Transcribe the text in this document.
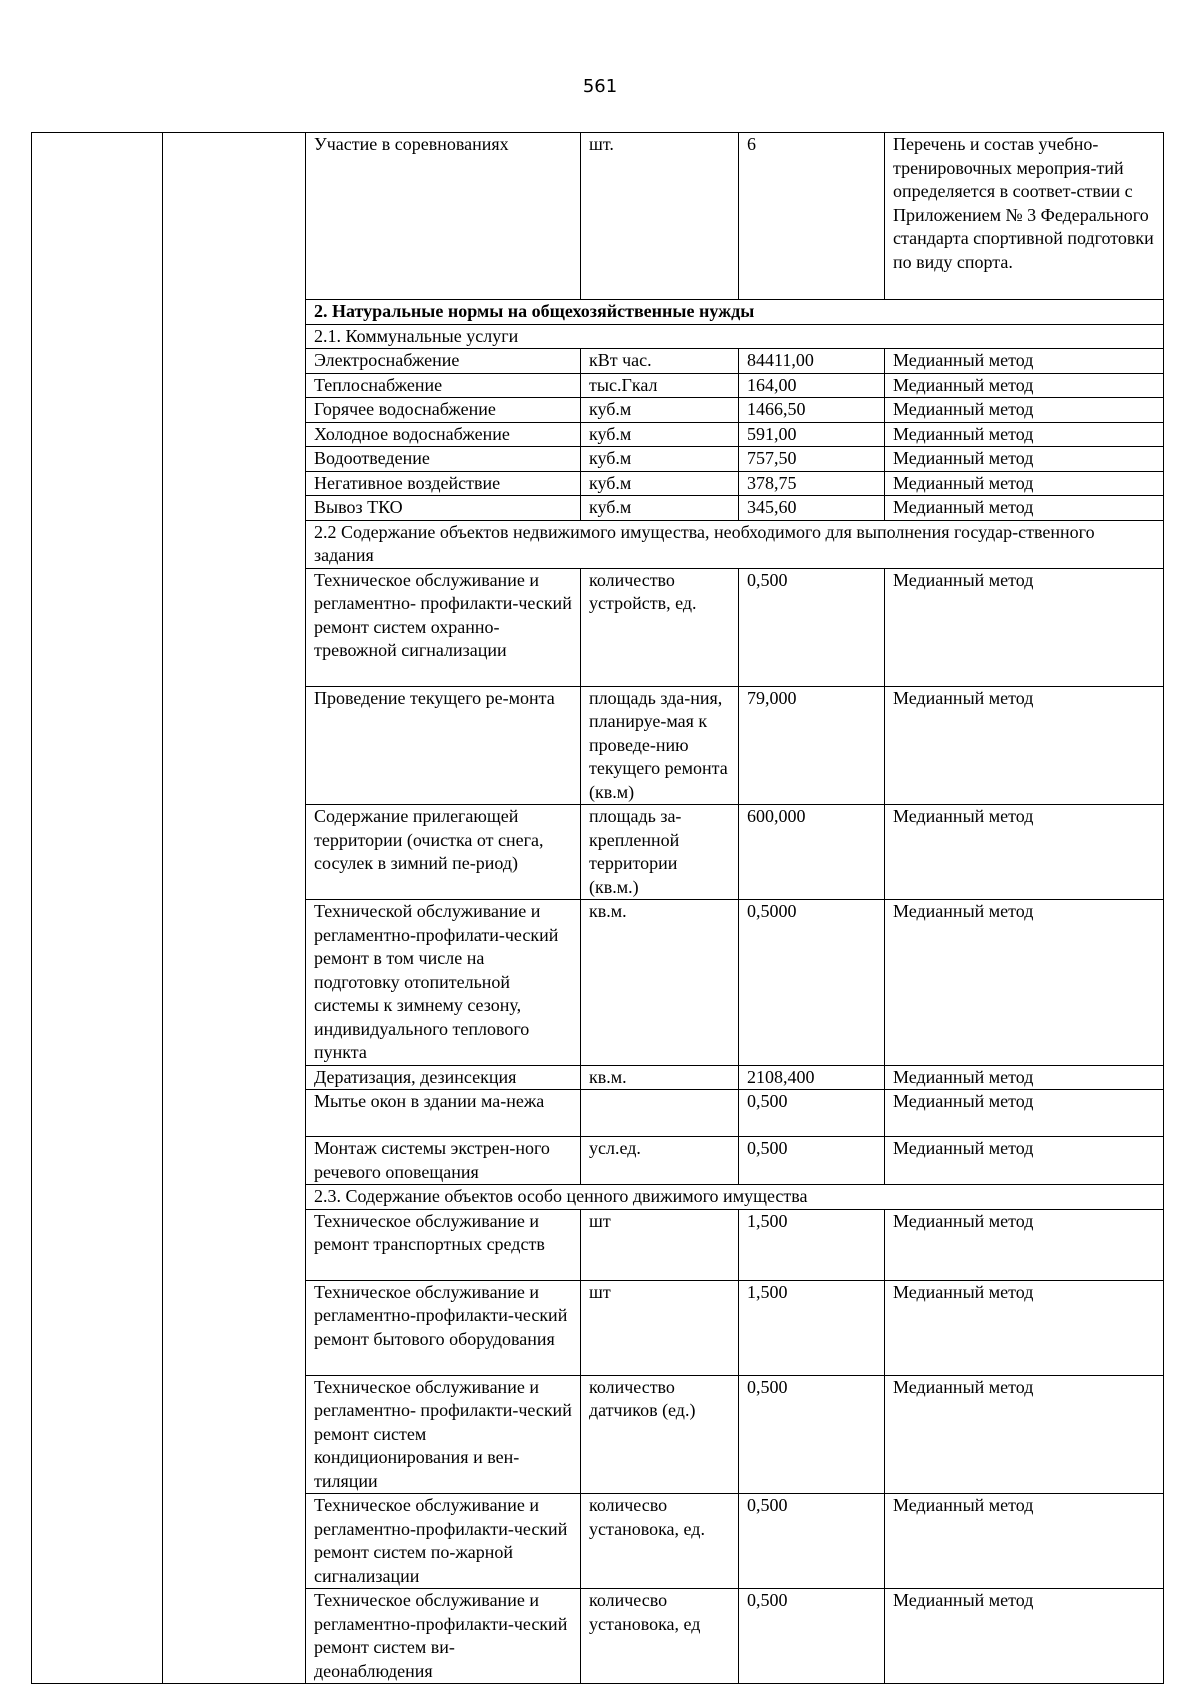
561
		Участие в соревнованиях	шт.	6	Перечень и состав учебно-тренировочных мероприя-тий определяется в соответ-ствии с Приложением № 3 Федерального стандарта спортивной подготовки по виду спорта.
		2. Натуральные нормы на общехозяйственные нужды			
		2.1. Коммунальные услуги			
		Электроснабжение	кВт час.	84411,00	Медианный метод
		Теплоснабжение	тыс.Гкал	164,00	Медианный метод
		Горячее водоснабжение	куб.м	1466,50	Медианный метод
		Холодное водоснабжение	куб.м	591,00	Медианный метод
		Водоотведение	куб.м	757,50	Медианный метод
		Негативное воздействие	куб.м	378,75	Медианный метод
		Вывоз ТКО	куб.м	345,60	Медианный метод
		2.2 Содержание объектов недвижимого имущества, необходимого для выполнения государ-ственного задания			
		Техническое обслуживание и регламентно- профилакти-ческий ремонт систем охранно-тревожной сигнализации	количество устройств, ед.	0,500	Медианный метод
		Проведение текущего ре-монта	площадь зда-ния, планируе-мая к проведе-нию текущего ремонта (кв.м)	79,000	Медианный метод
		Содержание прилегающей территории (очистка от снега, сосулек в зимний пе-риод)	площадь за-крепленной территории (кв.м.)	600,000	Медианный метод
		Технической обслуживание и регламентно-профилати-ческий ремонт в том числе на подготовку отопительной системы к зимнему сезону, индивидуального теплового пункта	кв.м.	0,5000	Медианный метод
		Дератизация, дезинсекция	кв.м.	2108,400	Медианный метод
		Мытье окон в здании ма-нежа		0,500	Медианный метод
		Монтаж системы экстрен-ного речевого оповещания	усл.ед.	0,500	Медианный метод
		2.3. Содержание объектов особо ценного движимого имущества			
		Техническое обслуживание и ремонт транспортных средств	шт	1,500	Медианный метод
		Техническое обслуживание и регламентно-профилакти-ческий ремонт бытового оборудования	шт	1,500	Медианный метод
		Техническое обслуживание и регламентно- профилакти-ческий ремонт систем кондиционирования и вен-тиляции	количество датчиков (ед.)	0,500	Медианный метод
		Техническое обслуживание и регламентно-профилакти-ческий ремонт систем по-жарной сигнализации	количесво установока, ед.	0,500	Медианный метод
		Техническое обслуживание и регламентно-профилакти-ческий ремонт систем ви-деонаблюдения	количесво установока, ед	0,500	Медианный метод
